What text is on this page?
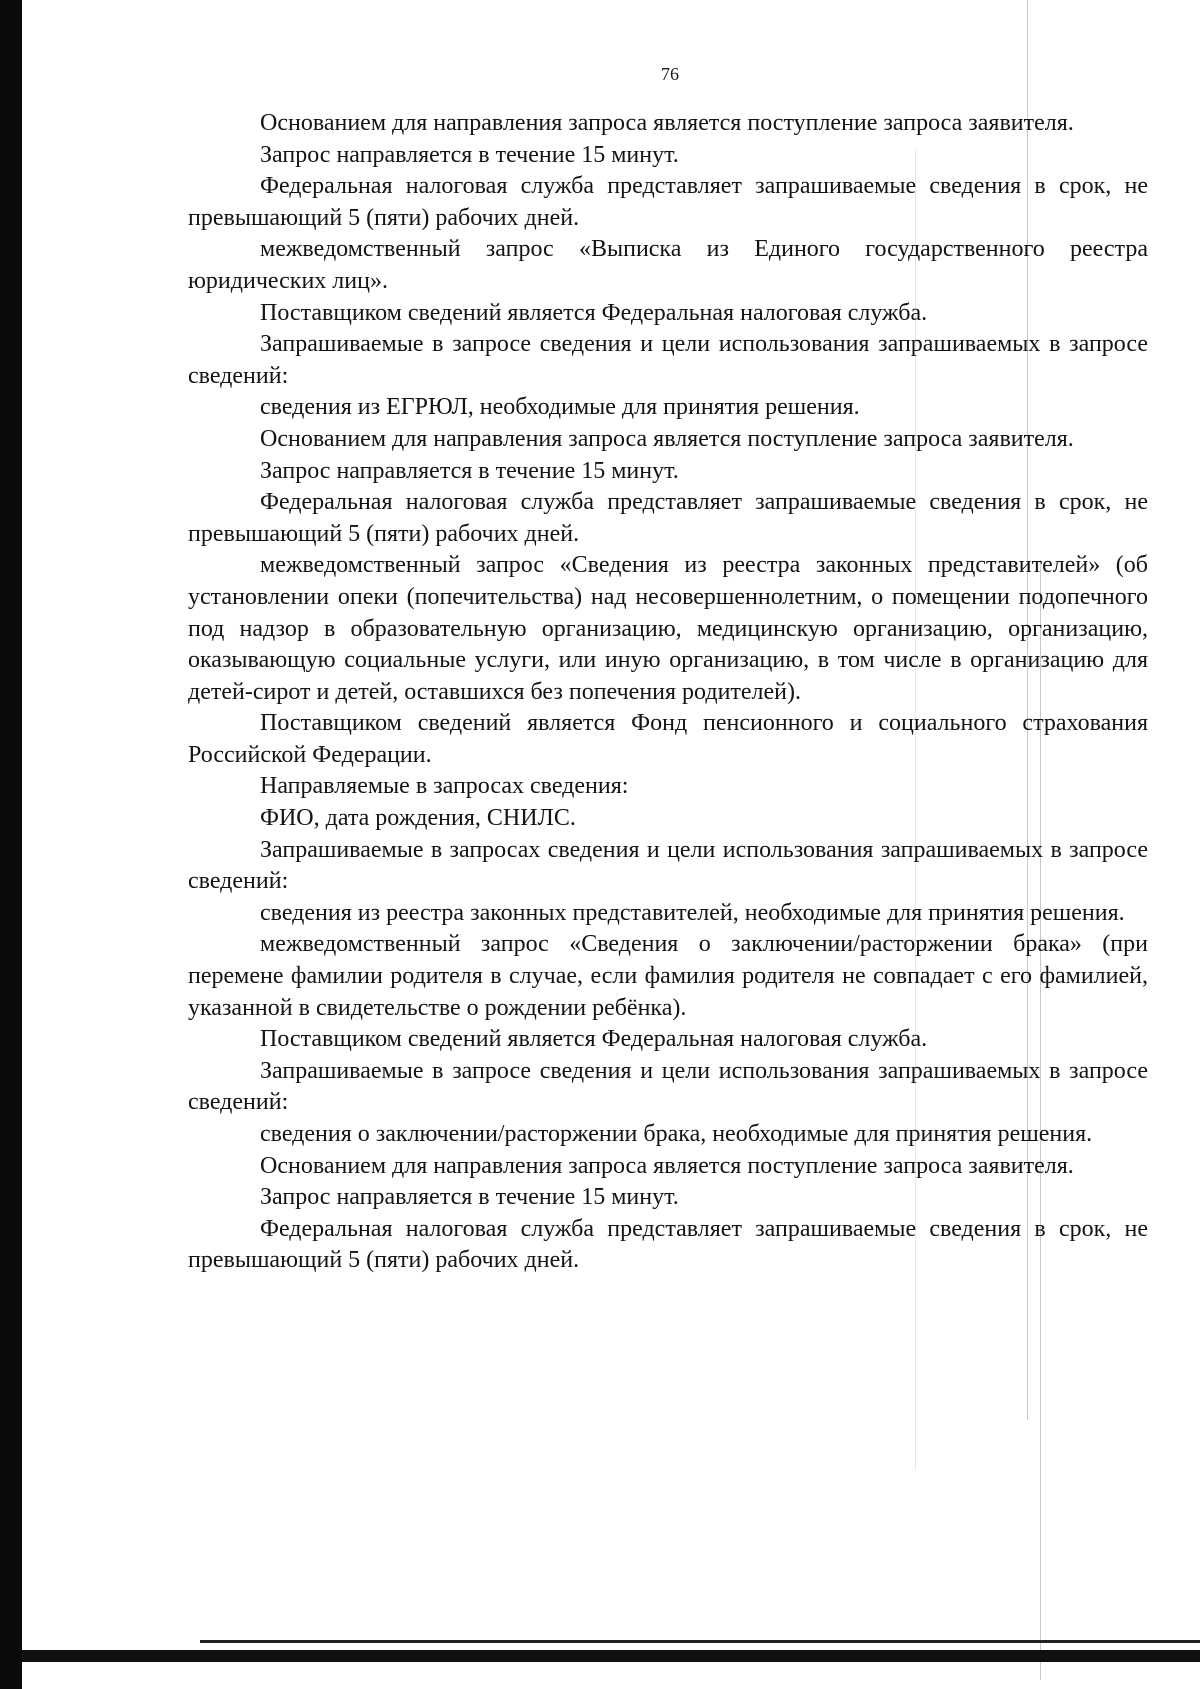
76

Основанием для направления запроса является поступление запроса заявителя.

Запрос направляется в течение 15 минут.

Федеральная налоговая служба представляет запрашиваемые сведения в срок, не превышающий 5 (пяти) рабочих дней.

межведомственный запрос «Выписка из Единого государственного реестра юридических лиц».

Поставщиком сведений является Федеральная налоговая служба.

Запрашиваемые в запросе сведения и цели использования запрашиваемых в запросе сведений:

сведения из ЕГРЮЛ, необходимые для принятия решения.

Основанием для направления запроса является поступление запроса заявителя.

Запрос направляется в течение 15 минут.

Федеральная налоговая служба представляет запрашиваемые сведения в срок, не превышающий 5 (пяти) рабочих дней.

межведомственный запрос «Сведения из реестра законных представителей» (об установлении опеки (попечительства) над несовершеннолетним, о помещении подопечного под надзор в образовательную организацию, медицинскую организацию, организацию, оказывающую социальные услуги, или иную организацию, в том числе в организацию для детей-сирот и детей, оставшихся без попечения родителей).

Поставщиком сведений является Фонд пенсионного и социального страхования Российской Федерации.

Направляемые в запросах сведения:

ФИО, дата рождения, СНИЛС.

Запрашиваемые в запросах сведения и цели использования запрашиваемых в запросе сведений:

сведения из реестра законных представителей, необходимые для принятия решения.

межведомственный запрос «Сведения о заключении/расторжении брака» (при перемене фамилии родителя в случае, если фамилия родителя не совпадает с его фамилией, указанной в свидетельстве о рождении ребёнка).

Поставщиком сведений является Федеральная налоговая служба.

Запрашиваемые в запросе сведения и цели использования запрашиваемых в запросе сведений:

сведения о заключении/расторжении брака, необходимые для принятия решения.

Основанием для направления запроса является поступление запроса заявителя.

Запрос направляется в течение 15 минут.

Федеральная налоговая служба представляет запрашиваемые сведения в срок, не превышающий 5 (пяти) рабочих дней.
